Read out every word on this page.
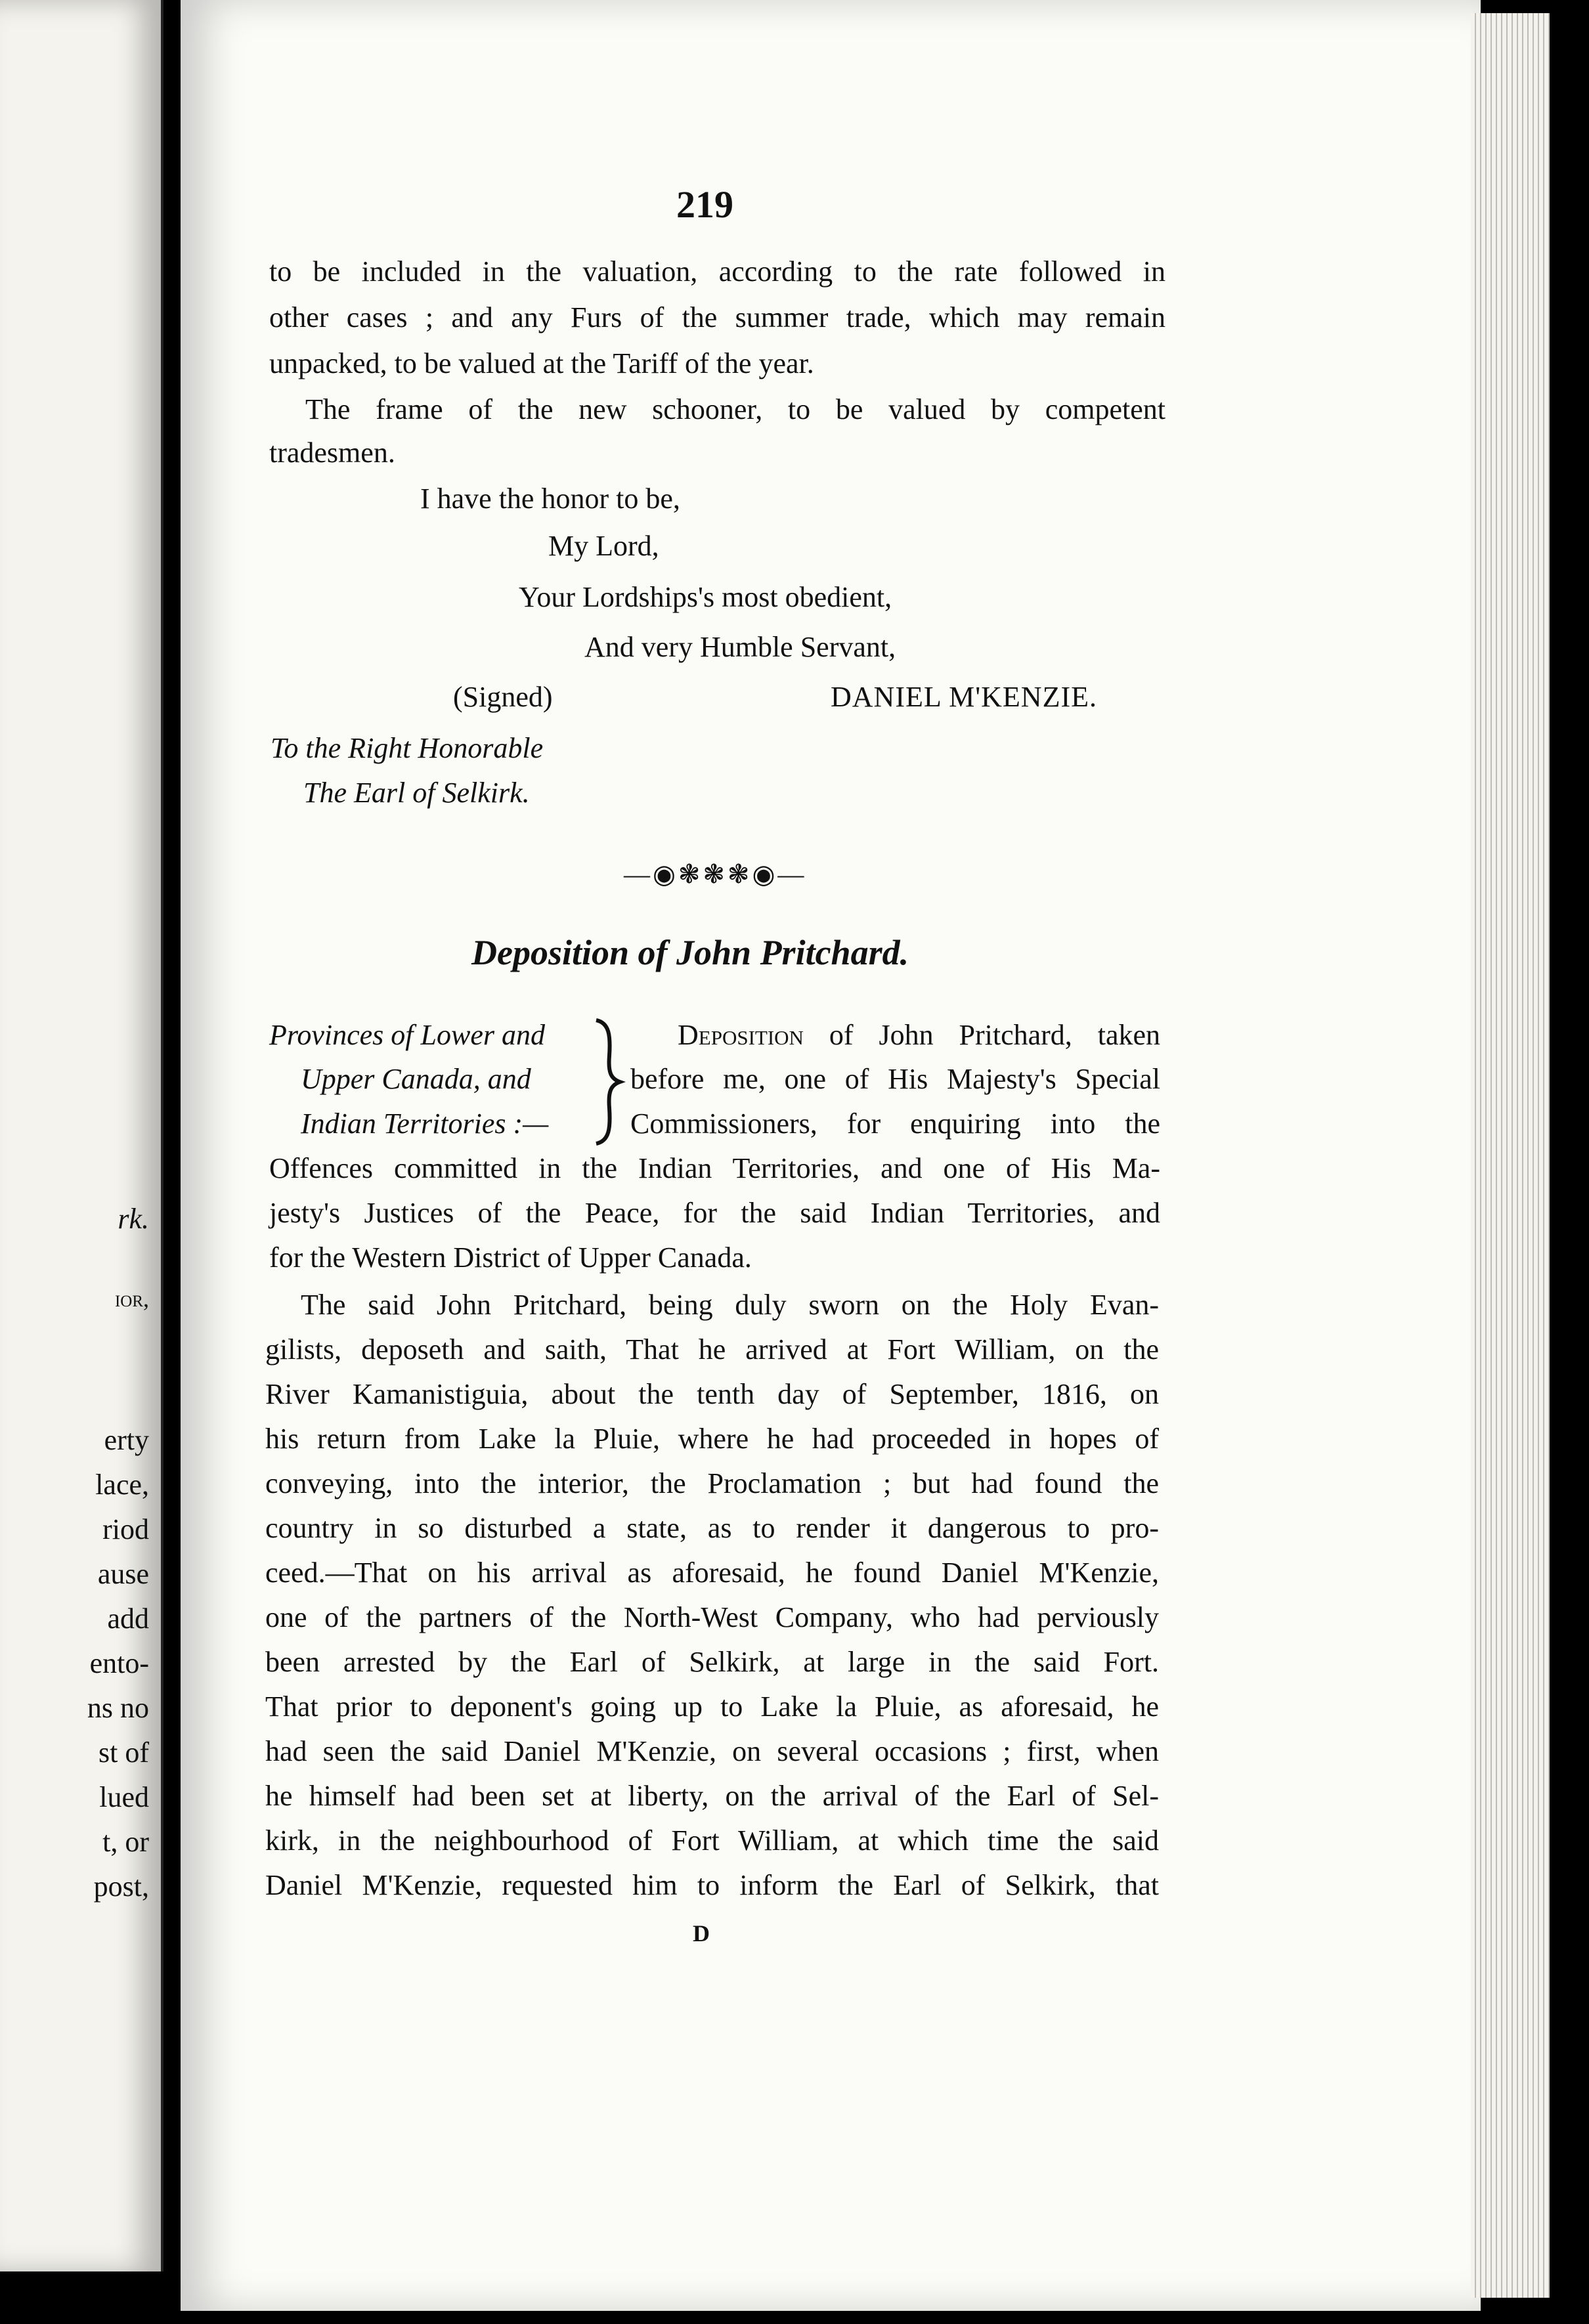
rk.
ior,
erty
lace,
riod
ause
add
ento-
ns no
st of
lued
t, or
post,
219
to be included in the valuation, according to the rate followed in
other cases ; and any Furs of the summer trade, which may remain
unpacked, to be valued at the Tariff of the year.
The frame of the new schooner, to be valued by competent
tradesmen.
I have the honor to be,
My Lord,
Your Lordships's most obedient,
And very Humble Servant,
(Signed)	DANIEL M'KENZIE.
To the Right Honorable
The Earl of Selkirk.
—◉❃❃❃◉—
Deposition of John Pritchard.
Provinces of Lower and
Upper Canada, and
Indian Territories :—
Deposition of John Pritchard, taken
before me, one of His Majesty's Special
Commissioners, for enquiring into the
Offences committed in the Indian Territories, and one of His Ma-
jesty's Justices of the Peace, for the said Indian Territories, and
for the Western District of Upper Canada.
The said John Pritchard, being duly sworn on the Holy Evan-
gilists, deposeth and saith, That he arrived at Fort William, on the
River Kamanistiguia, about the tenth day of September, 1816, on
his return from Lake la Pluie, where he had proceeded in hopes of
conveying, into the interior, the Proclamation ; but had found the
country in so disturbed a state, as to render it dangerous to pro-
ceed.—That on his arrival as aforesaid, he found Daniel M'Kenzie,
one of the partners of the North-West Company, who had perviously
been arrested by the Earl of Selkirk, at large in the said Fort.
That prior to deponent's going up to Lake la Pluie, as aforesaid, he
had seen the said Daniel M'Kenzie, on several occasions ; first, when
he himself had been set at liberty, on the arrival of the Earl of Sel-
kirk, in the neighbourhood of Fort William, at which time the said
Daniel M'Kenzie, requested him to inform the Earl of Selkirk, that
D
